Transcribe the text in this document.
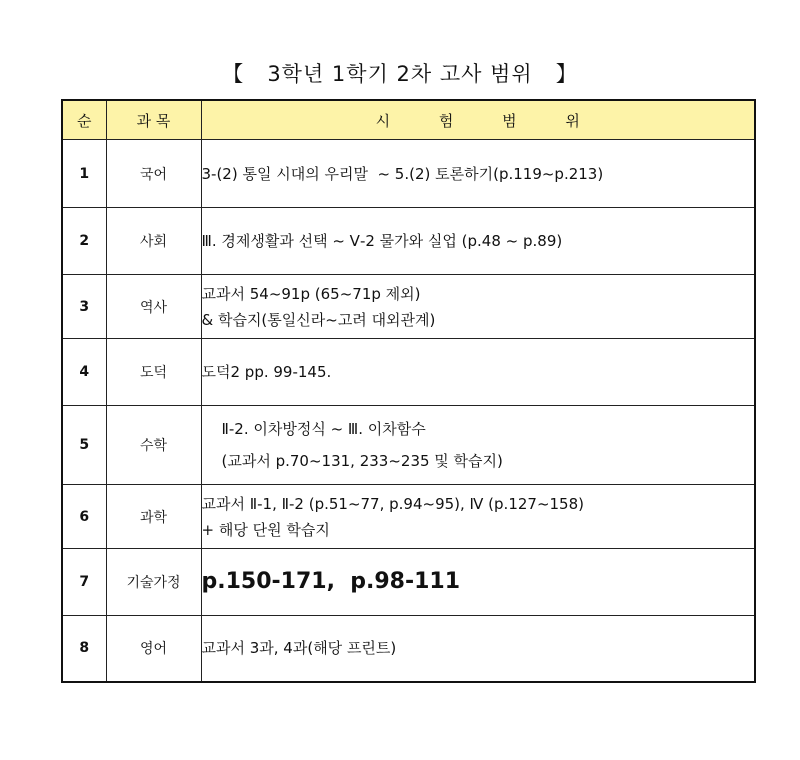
【 3학년 1학기 2차 고사 범위 】
순	과 목	시 험 범 위
1	국어	3-(2) 통일 시대의 우리말  ~ 5.(2) 토론하기(p.119~p.213)

2	사회	Ⅲ. 경제생활과 선택 ~ Ⅴ-2 물가와 실업 (p.48 ~ p.89)

3	역사	교과서 54~91p (65~71p 제외)
& 학습지(통일신라~고려 대외관계)

4	도덕	도덕2 pp. 99-145.

5	수학	Ⅱ-2. 이차방정식 ~ Ⅲ. 이차함수
(교과서 p.70~131, 233~235 및 학습지)

6	과학	교과서 Ⅱ-1, Ⅱ-2 (p.51~77, p.94~95), Ⅳ (p.127~158)
+ 해당 단원 학습지

7	기술가정	p.150-171,  p.98-111

8	영어	교과서 3과, 4과(해당 프린트)
